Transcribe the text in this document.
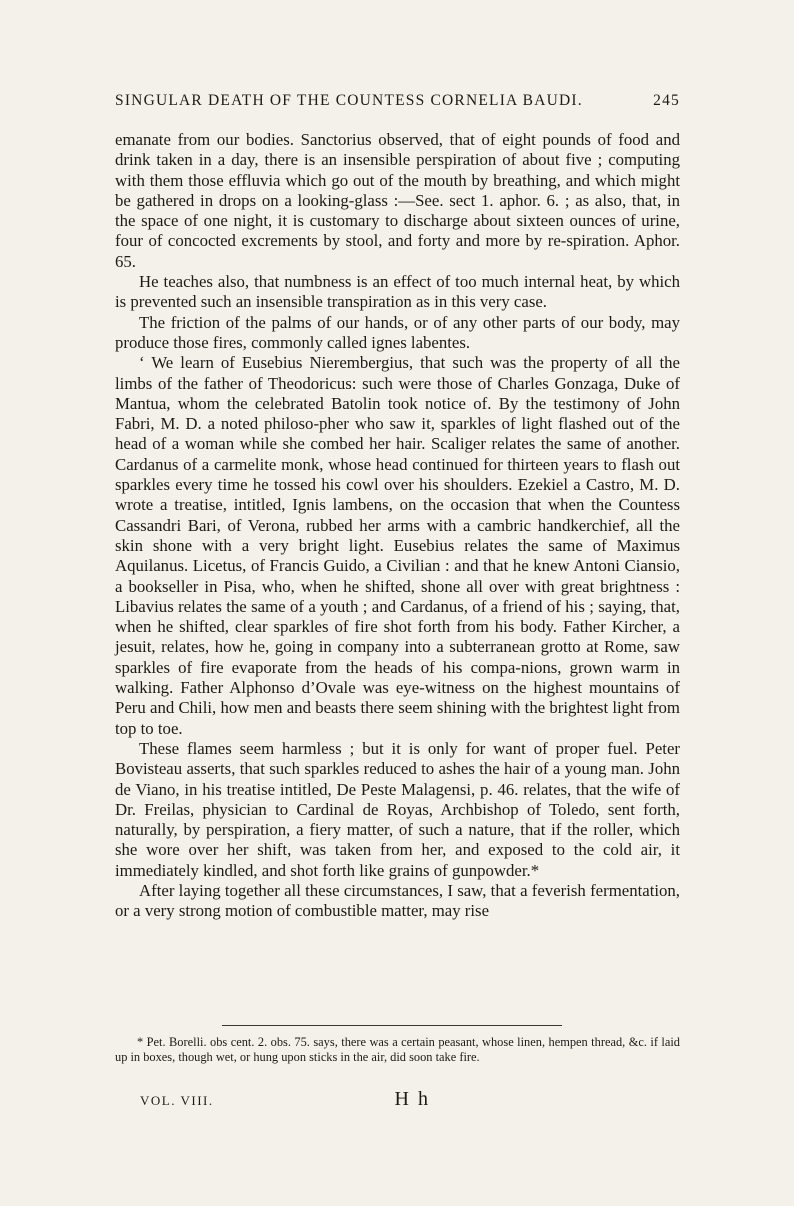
SINGULAR DEATH OF THE COUNTESS CORNELIA BAUDI.	245

emanate from our bodies. Sanctorius observed, that of eight pounds of food and drink taken in a day, there is an insensible perspiration of about five ; computing with them those effluvia which go out of the mouth by breathing, and which might be gathered in drops on a looking-glass :—See. sect 1. aphor. 6. ; as also, that, in the space of one night, it is customary to discharge about sixteen ounces of urine, four of concocted excrements by stool, and forty and more by re-spiration. Aphor. 65.

He teaches also, that numbness is an effect of too much internal heat, by which is prevented such an insensible transpiration as in this very case.

The friction of the palms of our hands, or of any other parts of our body, may produce those fires, commonly called ignes labentes.

‘ We learn of Eusebius Nierembergius, that such was the property of all the limbs of the father of Theodoricus: such were those of Charles Gonzaga, Duke of Mantua, whom the celebrated Batolin took notice of. By the testimony of John Fabri, M. D. a noted philoso-pher who saw it, sparkles of light flashed out of the head of a woman while she combed her hair. Scaliger relates the same of another. Cardanus of a carmelite monk, whose head continued for thirteen years to flash out sparkles every time he tossed his cowl over his shoulders. Ezekiel a Castro, M. D. wrote a treatise, intitled, Ignis lambens, on the occasion that when the Countess Cassandri Bari, of Verona, rubbed her arms with a cambric handkerchief, all the skin shone with a very bright light. Eusebius relates the same of Maximus Aquilanus. Licetus, of Francis Guido, a Civilian : and that he knew Antoni Ciansio, a bookseller in Pisa, who, when he shifted, shone all over with great brightness : Libavius relates the same of a youth ; and Cardanus, of a friend of his ; saying, that, when he shifted, clear sparkles of fire shot forth from his body. Father Kircher, a jesuit, relates, how he, going in company into a subterranean grotto at Rome, saw sparkles of fire evaporate from the heads of his compa-nions, grown warm in walking. Father Alphonso d’Ovale was eye-witness on the highest mountains of Peru and Chili, how men and beasts there seem shining with the brightest light from top to toe.

These flames seem harmless ; but it is only for want of proper fuel. Peter Bovisteau asserts, that such sparkles reduced to ashes the hair of a young man. John de Viano, in his treatise intitled, De Peste Malagensi, p. 46. relates, that the wife of Dr. Freilas, physician to Cardinal de Royas, Archbishop of Toledo, sent forth, naturally, by perspiration, a fiery matter, of such a nature, that if the roller, which she wore over her shift, was taken from her, and exposed to the cold air, it immediately kindled, and shot forth like grains of gunpowder.*

After laying together all these circumstances, I saw, that a feverish fermentation, or a very strong motion of combustible matter, may rise

* Pet. Borelli. obs cent. 2. obs. 75. says, there was a certain peasant, whose linen, hempen thread, &c. if laid up in boxes, though wet, or hung upon sticks in the air, did soon take fire.
VOL. VIII.	H h
